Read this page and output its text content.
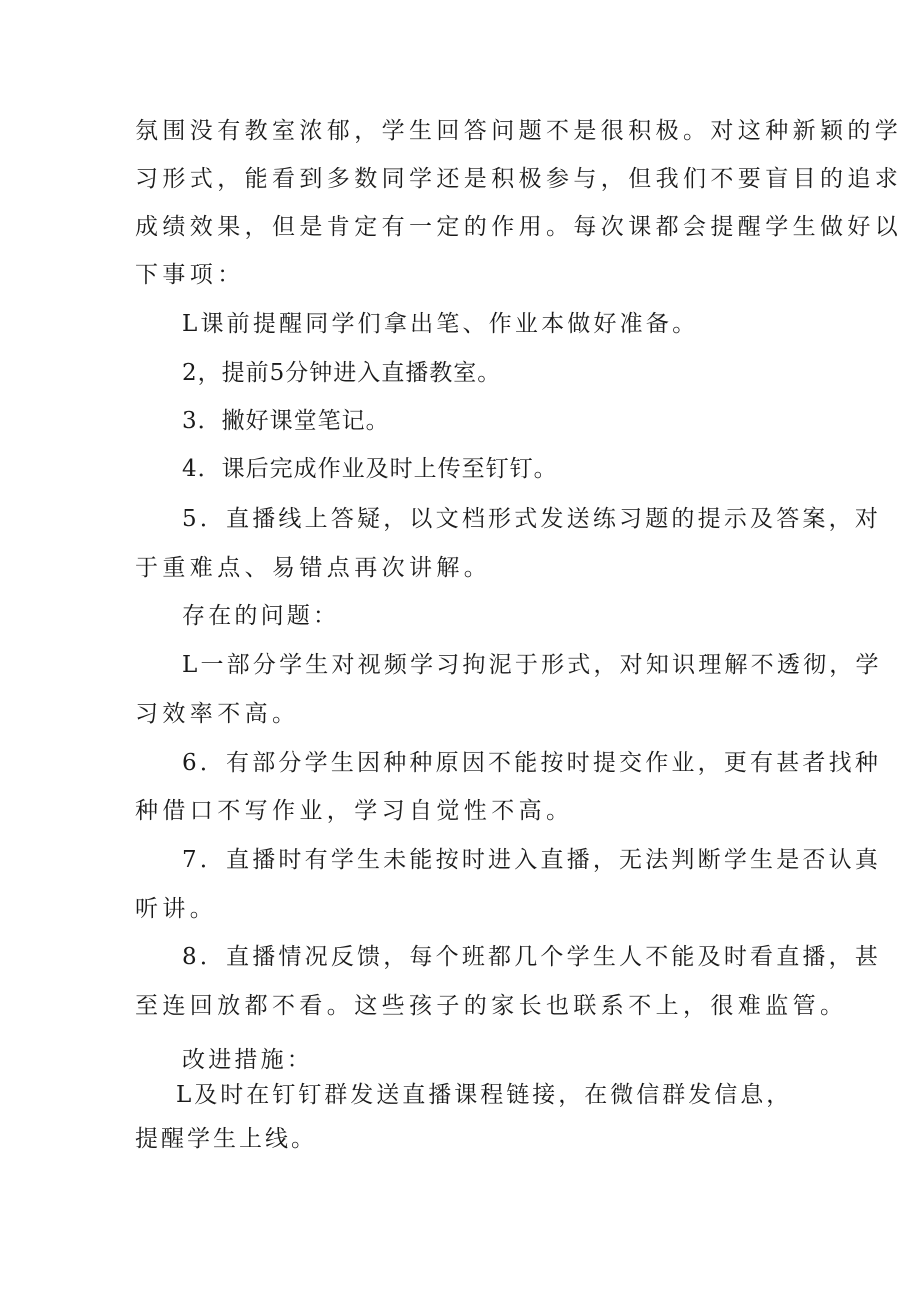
氛围没有教室浓郁，学生回答问题不是很积极。对这种新颖的学

习形式，能看到多数同学还是积极参与，但我们不要盲目的追求

成绩效果，但是肯定有一定的作用。每次课都会提醒学生做好以

下事项：

L课前提醒同学们拿出笔、作业本做好准备。

2，提前5分钟进入直播教室。

3．撇好课堂笔记。

4．课后完成作业及时上传至钉钉。

5．直播线上答疑，以文档形式发送练习题的提示及答案，对

于重难点、易错点再次讲解。

存在的问题：

L一部分学生对视频学习拘泥于形式，对知识理解不透彻，学

习效率不高。

6．有部分学生因种种原因不能按时提交作业，更有甚者找种

种借口不写作业，学习自觉性不高。

7．直播时有学生未能按时进入直播，无法判断学生是否认真

听讲。

8．直播情况反馈，每个班都几个学生人不能及时看直播，甚

至连回放都不看。这些孩子的家长也联系不上，很难监管。

改进措施：

L及时在钉钉群发送直播课程链接，在微信群发信息，

提醒学生上线。
